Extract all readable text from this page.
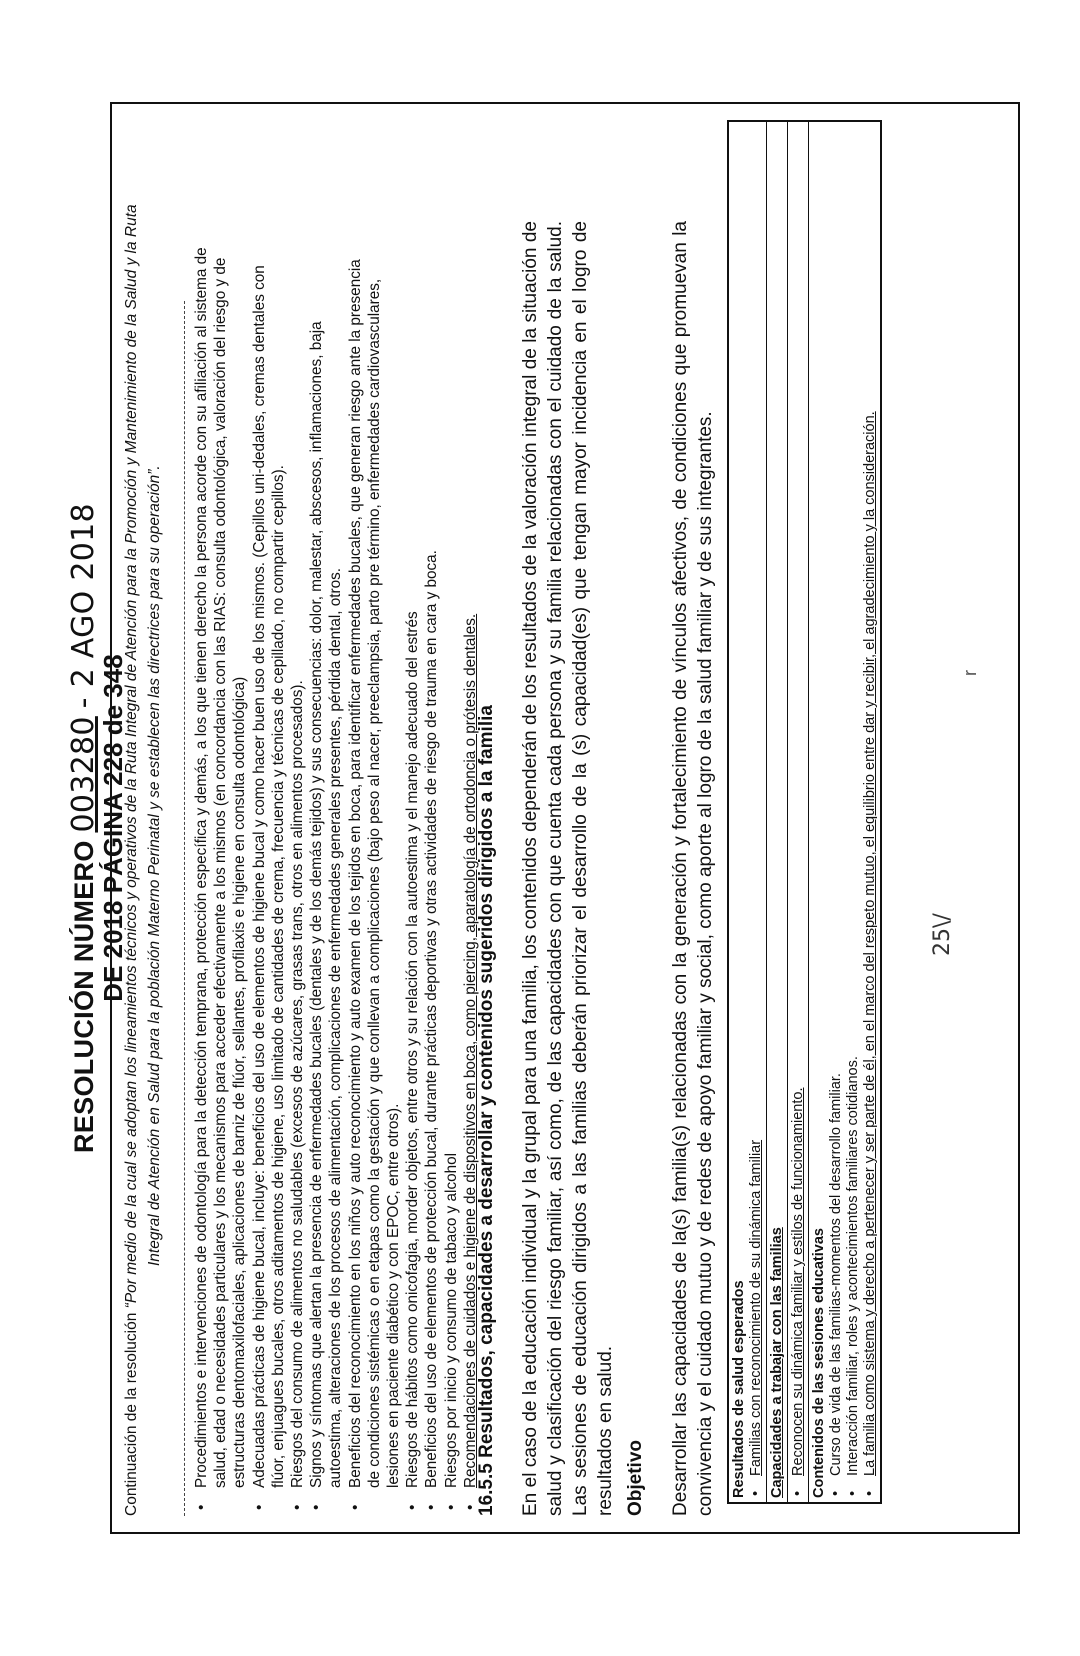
RESOLUCIÓN NÚMERO 003280 - 2 AGO 2018
DE 2018 PÁGINA 228 de 348
Continuación de la resolución “Por medio de la cual se adoptan los lineamientos técnicos y operativos de la Ruta Integral de Atención para la Promoción y Mantenimiento de la Salud y la Ruta Integral de Atención en Salud para la población Materno Perinatal y se establecen las directrices para su operación”. • Procedimientos e intervenciones de odontología para la detección temprana, protección específica y demás, a los que tienen derecho la persona acorde con su afiliación al sistema de salud, edad o necesidades particulares y los mecanismos para acceder efectivamente a los mismos (en concordancia con las RIAS: consulta odontológica, valoración del riesgo y de estructuras dentomaxilofaciales, aplicaciones de barniz de flúor, sellantes, profilaxis e higiene en consulta odontológica) • Adecuadas prácticas de higiene bucal, incluye: beneficios del uso de elementos de higiene bucal y como hacer buen uso de los mismos. (Cepillos uni-dedales, cremas dentales con flúor, enjuagues bucales, otros aditamentos de higiene, uso limitado de cantidades de crema, frecuencia y técnicas de cepillado, no compartir cepillos). • Riesgos del consumo de alimentos no saludables (excesos de azúcares, grasas trans, otros en alimentos procesados). • Signos y síntomas que alertan la presencia de enfermedades bucales (dentales y de los demás tejidos) y sus consecuencias: dolor, malestar, abscesos, inflamaciones, baja autoestima, alteraciones de los procesos de alimentación, complicaciones de enfermedades generales presentes, pérdida dental, otros. • Beneficios del reconocimiento en los niños y auto reconocimiento y auto examen de los tejidos en boca, para identificar enfermedades bucales, que generan riesgo ante la presencia de condiciones sistémicas o en etapas como la gestación y que conllevan a complicaciones (bajo peso al nacer, preeclampsia, parto pre término, enfermedades cardiovasculares, lesiones en paciente diabético y con EPOC, entre otros). • Riesgos de hábitos como onicofagia, morder objetos, entre otros y su relación con la autoestima y el manejo adecuado del estrés • Beneficios del uso de elementos de protección bucal, durante prácticas deportivas y otras actividades de riesgo de trauma en cara y boca. • Riesgos por inicio y consumo de tabaco y alcohol • Recomendaciones de cuidados e higiene de dispositivos en boca, como piercing, aparatología de ortodoncia o prótesis dentales.
16.5.5 Resultados, capacidades a desarrollar y contenidos sugeridos dirigidos a la familia En el caso de la educación individual y la grupal para una familia, los contenidos dependerán de los resultados de la valoración integral de la situación de salud y clasificación del riesgo familiar, así como, de las capacidades con que cuenta cada persona y su familia relacionadas con el cuidado de la salud. Las sesiones de educación dirigidos a las familias deberán priorizar el desarrollo de la (s) capacidad(es) que tengan mayor incidencia en el logro de resultados en salud. Objetivo Desarrollar las capacidades de la(s) familia(s) relacionadas con la generación y fortalecimiento de vínculos afectivos, de condiciones que promuevan la convivencia y el cuidado mutuo y de redes de apoyo familiar y social, como aporte al logro de la salud familiar y de sus integrantes. Resultados de salud esperados • Familias con reconocimiento de su dinámica familiar Capacidades a trabajar con las familias • Reconocen su dinámica familiar y estilos de funcionamiento. Contenidos de las sesiones educativas • Curso de vida de las familias-momentos del desarrollo familiar. • Interacción familiar, roles y acontecimientos familiares cotidianos. • La familia como sistema y derecho a pertenecer y ser parte de él, en el marco del respeto mutuo, el equilibrio entre dar y recibir, el agradecimiento y la consideración. 25\/
r
